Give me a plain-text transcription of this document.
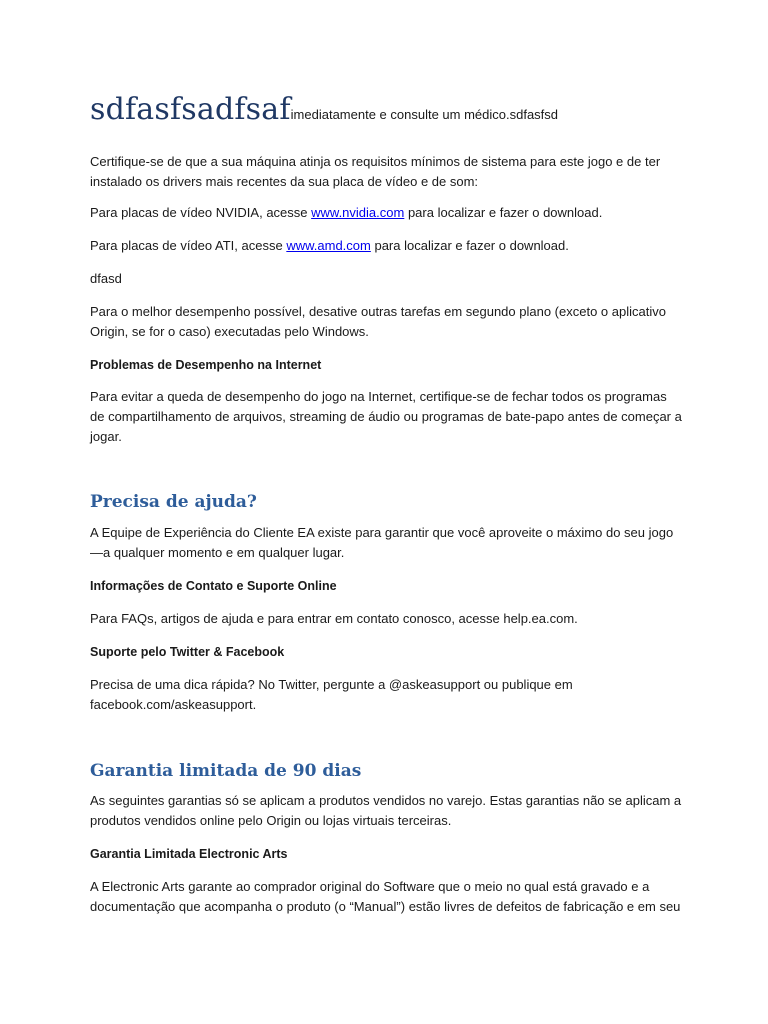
sdfasfsadfsafimediatamente e consulte um médico.sdfasfsd

Certifique-se de que a sua máquina atinja os requisitos mínimos de sistema para este jogo e de ter instalado os drivers mais recentes da sua placa de vídeo e de som:

Para placas de vídeo NVIDIA, acesse www.nvidia.com para localizar e fazer o download.

Para placas de vídeo ATI, acesse www.amd.com para localizar e fazer o download.

dfasd

Para o melhor desempenho possível, desative outras tarefas em segundo plano (exceto o aplicativo Origin, se for o caso) executadas pelo Windows.

Problemas de Desempenho na Internet

Para evitar a queda de desempenho do jogo na Internet, certifique-se de fechar todos os programas de compartilhamento de arquivos, streaming de áudio ou programas de bate-papo antes de começar a jogar.

Precisa de ajuda?

A Equipe de Experiência do Cliente EA existe para garantir que você aproveite o máximo do seu jogo—a qualquer momento e em qualquer lugar.

Informações de Contato e Suporte Online

Para FAQs, artigos de ajuda e para entrar em contato conosco, acesse help.ea.com.

Suporte pelo Twitter & Facebook

Precisa de uma dica rápida? No Twitter, pergunte a @askeasupport ou publique em facebook.com/askeasupport.

Garantia limitada de 90 dias

As seguintes garantias só se aplicam a produtos vendidos no varejo. Estas garantias não se aplicam a produtos vendidos online pelo Origin ou lojas virtuais terceiras.

Garantia Limitada Electronic Arts

A Electronic Arts garante ao comprador original do Software que o meio no qual está gravado e a documentação que acompanha o produto (o “Manual”) estão livres de defeitos de fabricação e em seu
